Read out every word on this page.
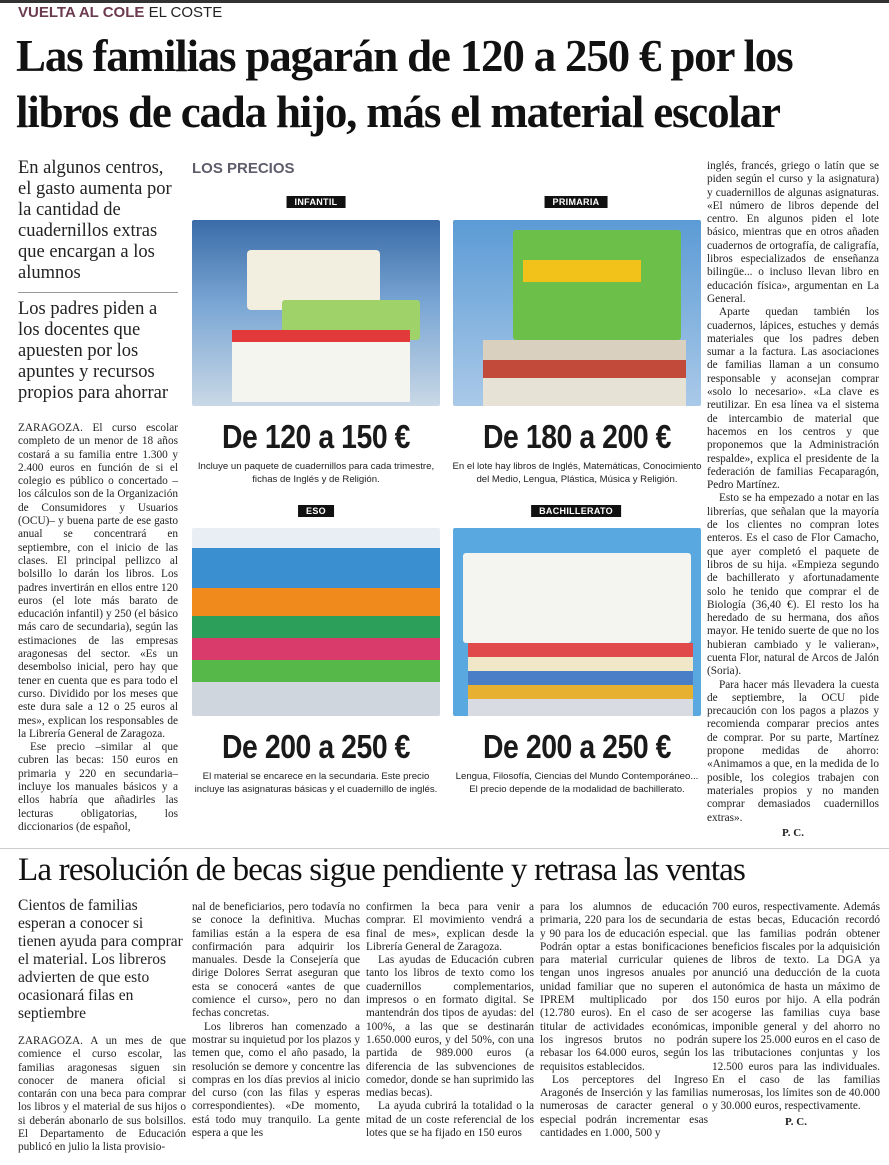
VUELTA AL COLE EL COSTE
Las familias pagarán de 120 a 250 € por los
libros de cada hijo, más el material escolar
En algunos centros, el gasto aumenta por la cantidad de cuadernillos extras que encargan a los alumnos
Los padres piden a los docentes que apuesten por los apuntes y recursos propios para ahorrar

ZARAGOZA. El curso escolar completo de un menor de 18 años costará a su familia entre 1.300 y 2.400 euros en función de si el colegio es público o concertado –los cálculos son de la Organización de Consumidores y Usuarios (OCU)– y buena parte de ese gasto anual se concentrará en septiembre, con el inicio de las clases. El principal pellizco al bolsillo lo darán los libros. Los padres invertirán en ellos entre 120 euros (el lote más barato de educación infantil) y 250 (el básico más caro de secundaria), según las estimaciones de las empresas aragonesas del sector. «Es un desembolso inicial, pero hay que tener en cuenta que es para todo el curso. Dividido por los meses que este dura sale a 12 o 25 euros al mes», explican los responsables de la Librería General de Zaragoza.

Ese precio –similar al que cubren las becas: 150 euros en primaria y 220 en secundaria– incluye los manuales básicos y a ellos habría que añadirles las lecturas obligatorias, los diccionarios (de español,

inglés, francés, griego o latín que se piden según el curso y la asignatura) y cuadernillos de algunas asignaturas. «El número de libros depende del centro. En algunos piden el lote básico, mientras que en otros añaden cuadernos de ortografía, de caligrafía, libros especializados de enseñanza bilingüe... o incluso llevan libro en educación física», argumentan en La General.

Aparte quedan también los cuadernos, lápices, estuches y demás materiales que los padres deben sumar a la factura. Las asociaciones de familias llaman a un consumo responsable y aconsejan comprar «solo lo necesario». «La clave es reutilizar. En esa línea va el sistema de intercambio de material que hacemos en los centros y que proponemos que la Administración respalde», explica el presidente de la federación de familias Fecaparagón, Pedro Martínez.

Esto se ha empezado a notar en las librerías, que señalan que la mayoría de los clientes no compran lotes enteros. Es el caso de Flor Camacho, que ayer completó el paquete de libros de su hija. «Empieza segundo de bachillerato y afortunadamente solo he tenido que comprar el de Biología (36,40 €). El resto los ha heredado de su hermana, dos años mayor. He tenido suerte de que no los hubieran cambiado y le valieran», cuenta Flor, natural de Arcos de Jalón (Soria).

Para hacer más llevadera la cuesta de septiembre, la OCU pide precaución con los pagos a plazos y recomienda comparar precios antes de comprar. Por su parte, Martínez propone medidas de ahorro: «Animamos a que, en la medida de lo posible, los colegios trabajen con materiales propios y no manden comprar demasiados cuadernillos extras».

P. C.
LOS PRECIOS
INFANTIL
De 120 a 150 €
Incluye un paquete de cuadernillos para cada trimestre, fichas de Inglés y de Religión.
PRIMARIA
De 180 a 200 €
En el lote hay libros de Inglés, Matemáticas, Conocimiento del Medio, Lengua, Plástica, Música y Religión.
ESO
De 200 a 250 €
El material se encarece en la secundaria. Este precio incluye las asignaturas básicas y el cuadernillo de inglés.
BACHILLERATO
De 200 a 250 €
Lengua, Filosofía, Ciencias del Mundo Contemporáneo... El precio depende de la modalidad de bachillerato.
La resolución de becas sigue pendiente y retrasa las ventas
Cientos de familias esperan a conocer si tienen ayuda para comprar el material. Los libreros advierten de que esto ocasionará filas en septiembre

ZARAGOZA. A un mes de que comience el curso escolar, las familias aragonesas siguen sin conocer de manera oficial si contarán con una beca para comprar los libros y el material de sus hijos o si deberán abonarlo de sus bolsillos. El Departamento de Educación publicó en julio la lista provisio-

nal de beneficiarios, pero todavía no se conoce la definitiva. Muchas familias están a la espera de esa confirmación para adquirir los manuales. Desde la Consejería que dirige Dolores Serrat aseguran que esta se conocerá «antes de que comience el curso», pero no dan fechas concretas.

Los libreros han comenzado a mostrar su inquietud por los plazos y temen que, como el año pasado, la resolución se demore y concentre las compras en los días previos al inicio del curso (con las filas y esperas correspondientes). «De momento, está todo muy tranquilo. La gente espera a que les

confirmen la beca para venir a comprar. El movimiento vendrá a final de mes», explican desde la Librería General de Zaragoza.

Las ayudas de Educación cubren tanto los libros de texto como los cuadernillos complementarios, impresos o en formato digital. Se mantendrán dos tipos de ayudas: del 100%, a las que se destinarán 1.650.000 euros, y del 50%, con una partida de 989.000 euros (a diferencia de las subvenciones de comedor, donde se han suprimido las medias becas).

La ayuda cubrirá la totalidad o la mitad de un coste referencial de los lotes que se ha fijado en 150 euros

para los alumnos de educación primaria, 220 para los de secundaria y 90 para los de educación especial. Podrán optar a estas bonificaciones para material curricular quienes tengan unos ingresos anuales por unidad familiar que no superen el IPREM multiplicado por dos (12.780 euros). En el caso de ser titular de actividades económicas, los ingresos brutos no podrán rebasar los 64.000 euros, según los requisitos establecidos.

Los perceptores del Ingreso Aragonés de Inserción y las familias numerosas de caracter general o especial podrán incrementar esas cantidades en 1.000, 500 y

700 euros, respectivamente. Además de estas becas, Educación recordó que las familias podrán obtener beneficios fiscales por la adquisición de libros de texto. La DGA ya anunció una deducción de la cuota autonómica de hasta un máximo de 150 euros por hijo. A ella podrán acogerse las familias cuya base imponible general y del ahorro no supere los 25.000 euros en el caso de las tributaciones conjuntas y los 12.500 euros para las individuales. En el caso de las familias numerosas, los límites son de 40.000 y 30.000 euros, respectivamente.

P. C.
